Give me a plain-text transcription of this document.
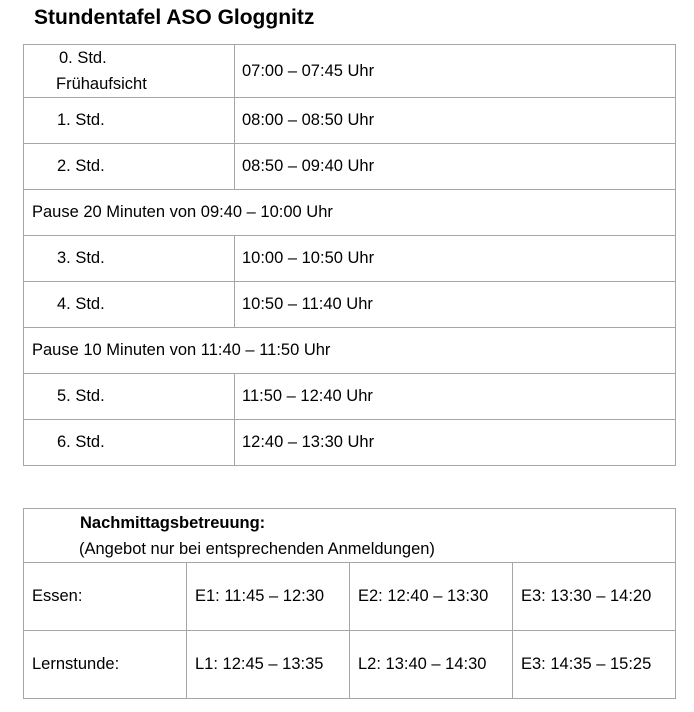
Stundentafel ASO Gloggnitz
0. Std.
Frühaufsicht	07:00 – 07:45 Uhr
1. Std.	08:00 – 08:50 Uhr
2. Std.	08:50 – 09:40 Uhr
Pause 20 Minuten von 09:40 – 10:00 Uhr	
3. Std.	10:00 – 10:50 Uhr
4. Std.	10:50 – 11:40 Uhr
Pause 10 Minuten von 11:40 – 11:50 Uhr	
5. Std.	11:50 – 12:40 Uhr
6. Std.	12:40 – 13:30 Uhr
Nachmittagsbetreuung:
(Angebot nur bei entsprechenden Anmeldungen)			

Essen:	E1: 11:45 – 12:30	E2: 12:40 – 13:30	E3: 13:30 – 14:20
Lernstunde:	L1: 12:45 – 13:35	L2: 13:40 – 14:30	E3: 14:35 – 15:25
